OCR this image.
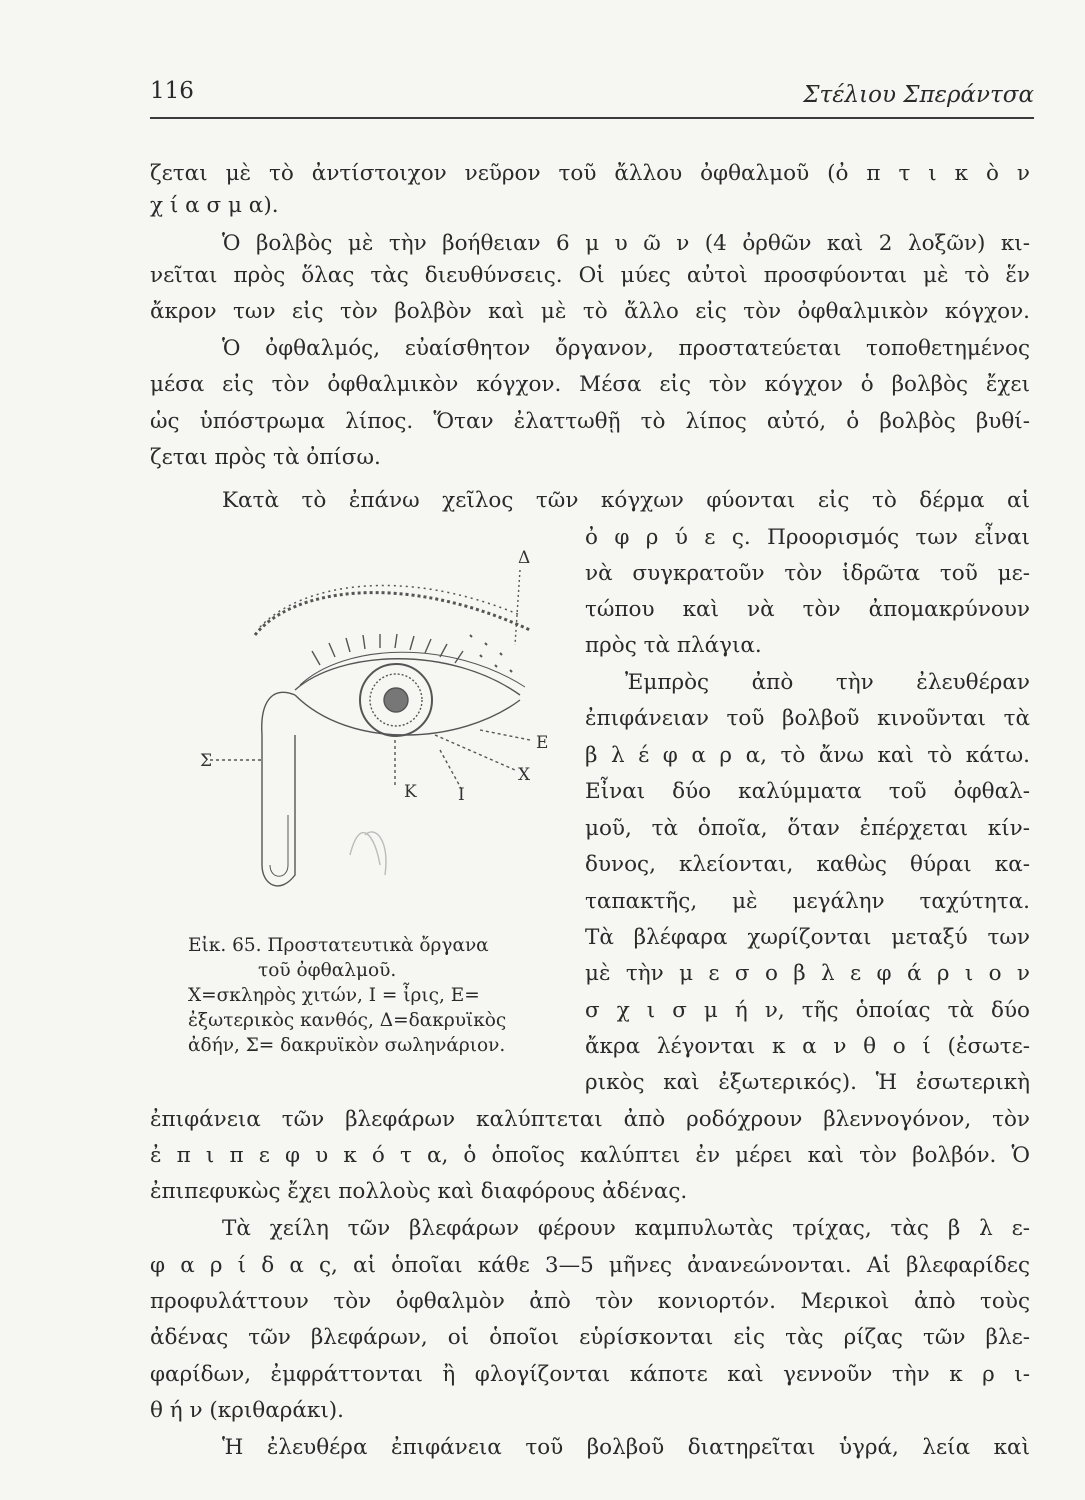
116	Στέλιου Σπεράντσα
ζεται μὲ τὸ ἀντίστοιχον νεῦρον τοῦ ἄλλου ὀφθαλμοῦ (ὀ π τ ι κ ὸ ν
χ ί α σ μ α).
Ὁ βολβὸς μὲ τὴν βοήθειαν 6 μ υ ῶ ν (4 ὀρθῶν καὶ 2 λοξῶν) κι-
νεῖται πρὸς ὅλας τὰς διευθύνσεις. Οἱ μύες αὐτοὶ προσφύονται μὲ τὸ ἕν
ἄκρον των εἰς τὸν βολβὸν καὶ μὲ τὸ ἄλλο εἰς τὸν ὀφθαλμικὸν κόγχον.
Ὁ ὀφθαλμός, εὐαίσθητον ὄργανον, προστατεύεται τοποθετημένος
μέσα εἰς τὸν ὀφθαλμικὸν κόγχον. Μέσα εἰς τὸν κόγχον ὁ βολβὸς ἔχει
ὡς ὑπόστρωμα λίπος. Ὅταν ἐλαττωθῇ τὸ λίπος αὐτό, ὁ βολβὸς βυθί-
ζεται πρὸς τὰ ὀπίσω.
Κατὰ τὸ ἐπάνω χεῖλος τῶν κόγχων φύονται εἰς τὸ δέρμα αἱ
ὀ φ ρ ύ ε ς. Προορισμός των εἶναι
νὰ συγκρατοῦν τὸν ἱδρῶτα τοῦ με-
τώπου καὶ νὰ τὸν ἀπομακρύνουν
πρὸς τὰ πλάγια.
Ἐμπρὸς ἀπὸ τὴν ἐλευθέραν
ἐπιφάνειαν τοῦ βολβοῦ κινοῦνται τὰ
β λ έ φ α ρ α, τὸ ἄνω καὶ τὸ κάτω.
Εἶναι δύο καλύμματα τοῦ ὀφθαλ-
μοῦ, τὰ ὁποῖα, ὅταν ἐπέρχεται κίν-
δυνος, κλείονται, καθὼς θύραι κα-
ταπακτῆς, μὲ μεγάλην ταχύτητα.
Τὰ βλέφαρα χωρίζονται μεταξύ των
μὲ τὴν μ ε σ ο β λ ε φ ά ρ ι ο ν
σ χ ι σ μ ή ν, τῆς ὁποίας τὰ δύο
ἄκρα λέγονται κ α ν θ ο ί (ἐσωτε-
ρικὸς καὶ ἐξωτερικός). Ἡ ἐσωτερικὴ
ἐπιφάνεια τῶν βλεφάρων καλύπτεται ἀπὸ ροδόχρουν βλεννογόνον, τὸν
ἐ π ι π ε φ υ κ ό τ α, ὁ ὁποῖος καλύπτει ἐν μέρει καὶ τὸν βολβόν. Ὁ
ἐπιπεφυκὼς ἔχει πολλοὺς καὶ διαφόρους ἀδένας.
Τὰ χείλη τῶν βλεφάρων φέρουν καμπυλωτὰς τρίχας, τὰς β λ ε-
φ α ρ ί δ α ς, αἱ ὁποῖαι κάθε 3—5 μῆνες ἀνανεώνονται. Αἱ βλεφαρίδες
προφυλάττουν τὸν ὀφθαλμὸν ἀπὸ τὸν κονιορτόν. Μερικοὶ ἀπὸ τοὺς
ἀδένας τῶν βλεφάρων, οἱ ὁποῖοι εὑρίσκονται εἰς τὰς ρίζας τῶν βλε-
φαρίδων, ἐμφράττονται ἢ φλογίζονται κάποτε καὶ γεννοῦν τὴν κ ρ ι-
θ ή ν (κριθαράκι).
Ἡ ἐλευθέρα ἐπιφάνεια τοῦ βολβοῦ διατηρεῖται ὑγρά, λεία καὶ
Δ
Σ
Ε
Χ
Κ Ι
Εἰκ. 65. Προστατευτικὰ ὄργανα
τοῦ ὀφθαλμοῦ.
Χ=σκληρὸς χιτών, Ι = ἶρις, Ε=
ἐξωτερικὸς κανθός, Δ=δακρυϊκὸς
ἀδήν, Σ= δακρυϊκὸν σωληνάριον.
